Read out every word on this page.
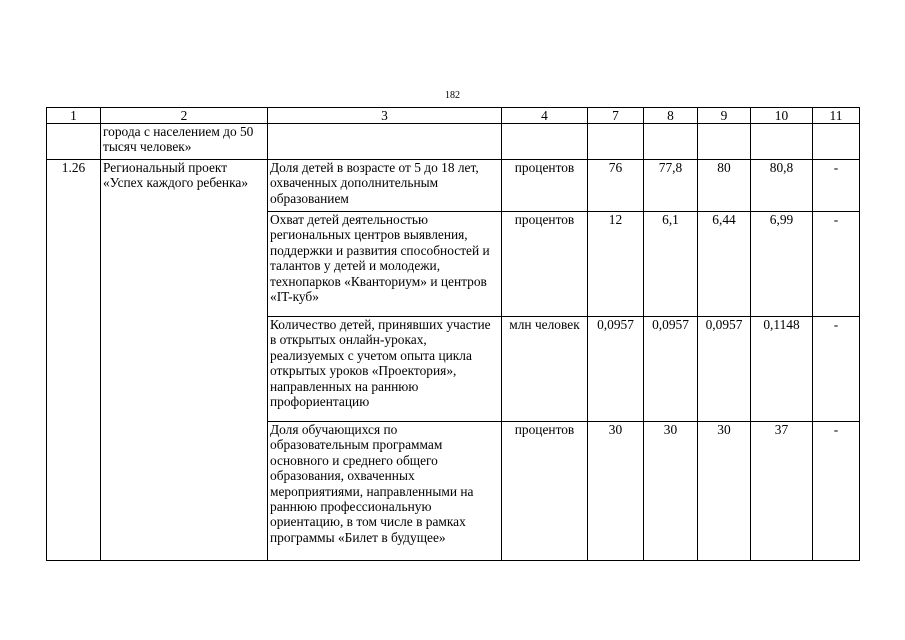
182
1	2	3	4	7	8	9	10	11
	города с населением до 50 тысяч человек»							
1.26	Региональный проект «Успех каждого ребенка»	Доля детей в возрасте от 5 до 18 лет, охваченных дополнительным образованием	процентов	76	77,8	80	80,8	-
		Охват детей деятельностью региональных центров выявления, поддержки и развития способностей и талантов у детей и молодежи, технопарков «Кванториум» и центров «IT-куб»	процентов	12	6,1	6,44	6,99	-
		Количество детей, принявших участие в открытых онлайн-уроках, реализуемых с учетом опыта цикла открытых уроков «Проектория», направленных на раннюю профориентацию	млн человек	0,0957	0,0957	0,0957	0,1148	-
		Доля обучающихся по образовательным программам основного и среднего общего образования, охваченных мероприятиями, направленными на раннюю профессиональную ориентацию, в том числе в рамках программы «Билет в будущее»	процентов	30	30	30	37	-
